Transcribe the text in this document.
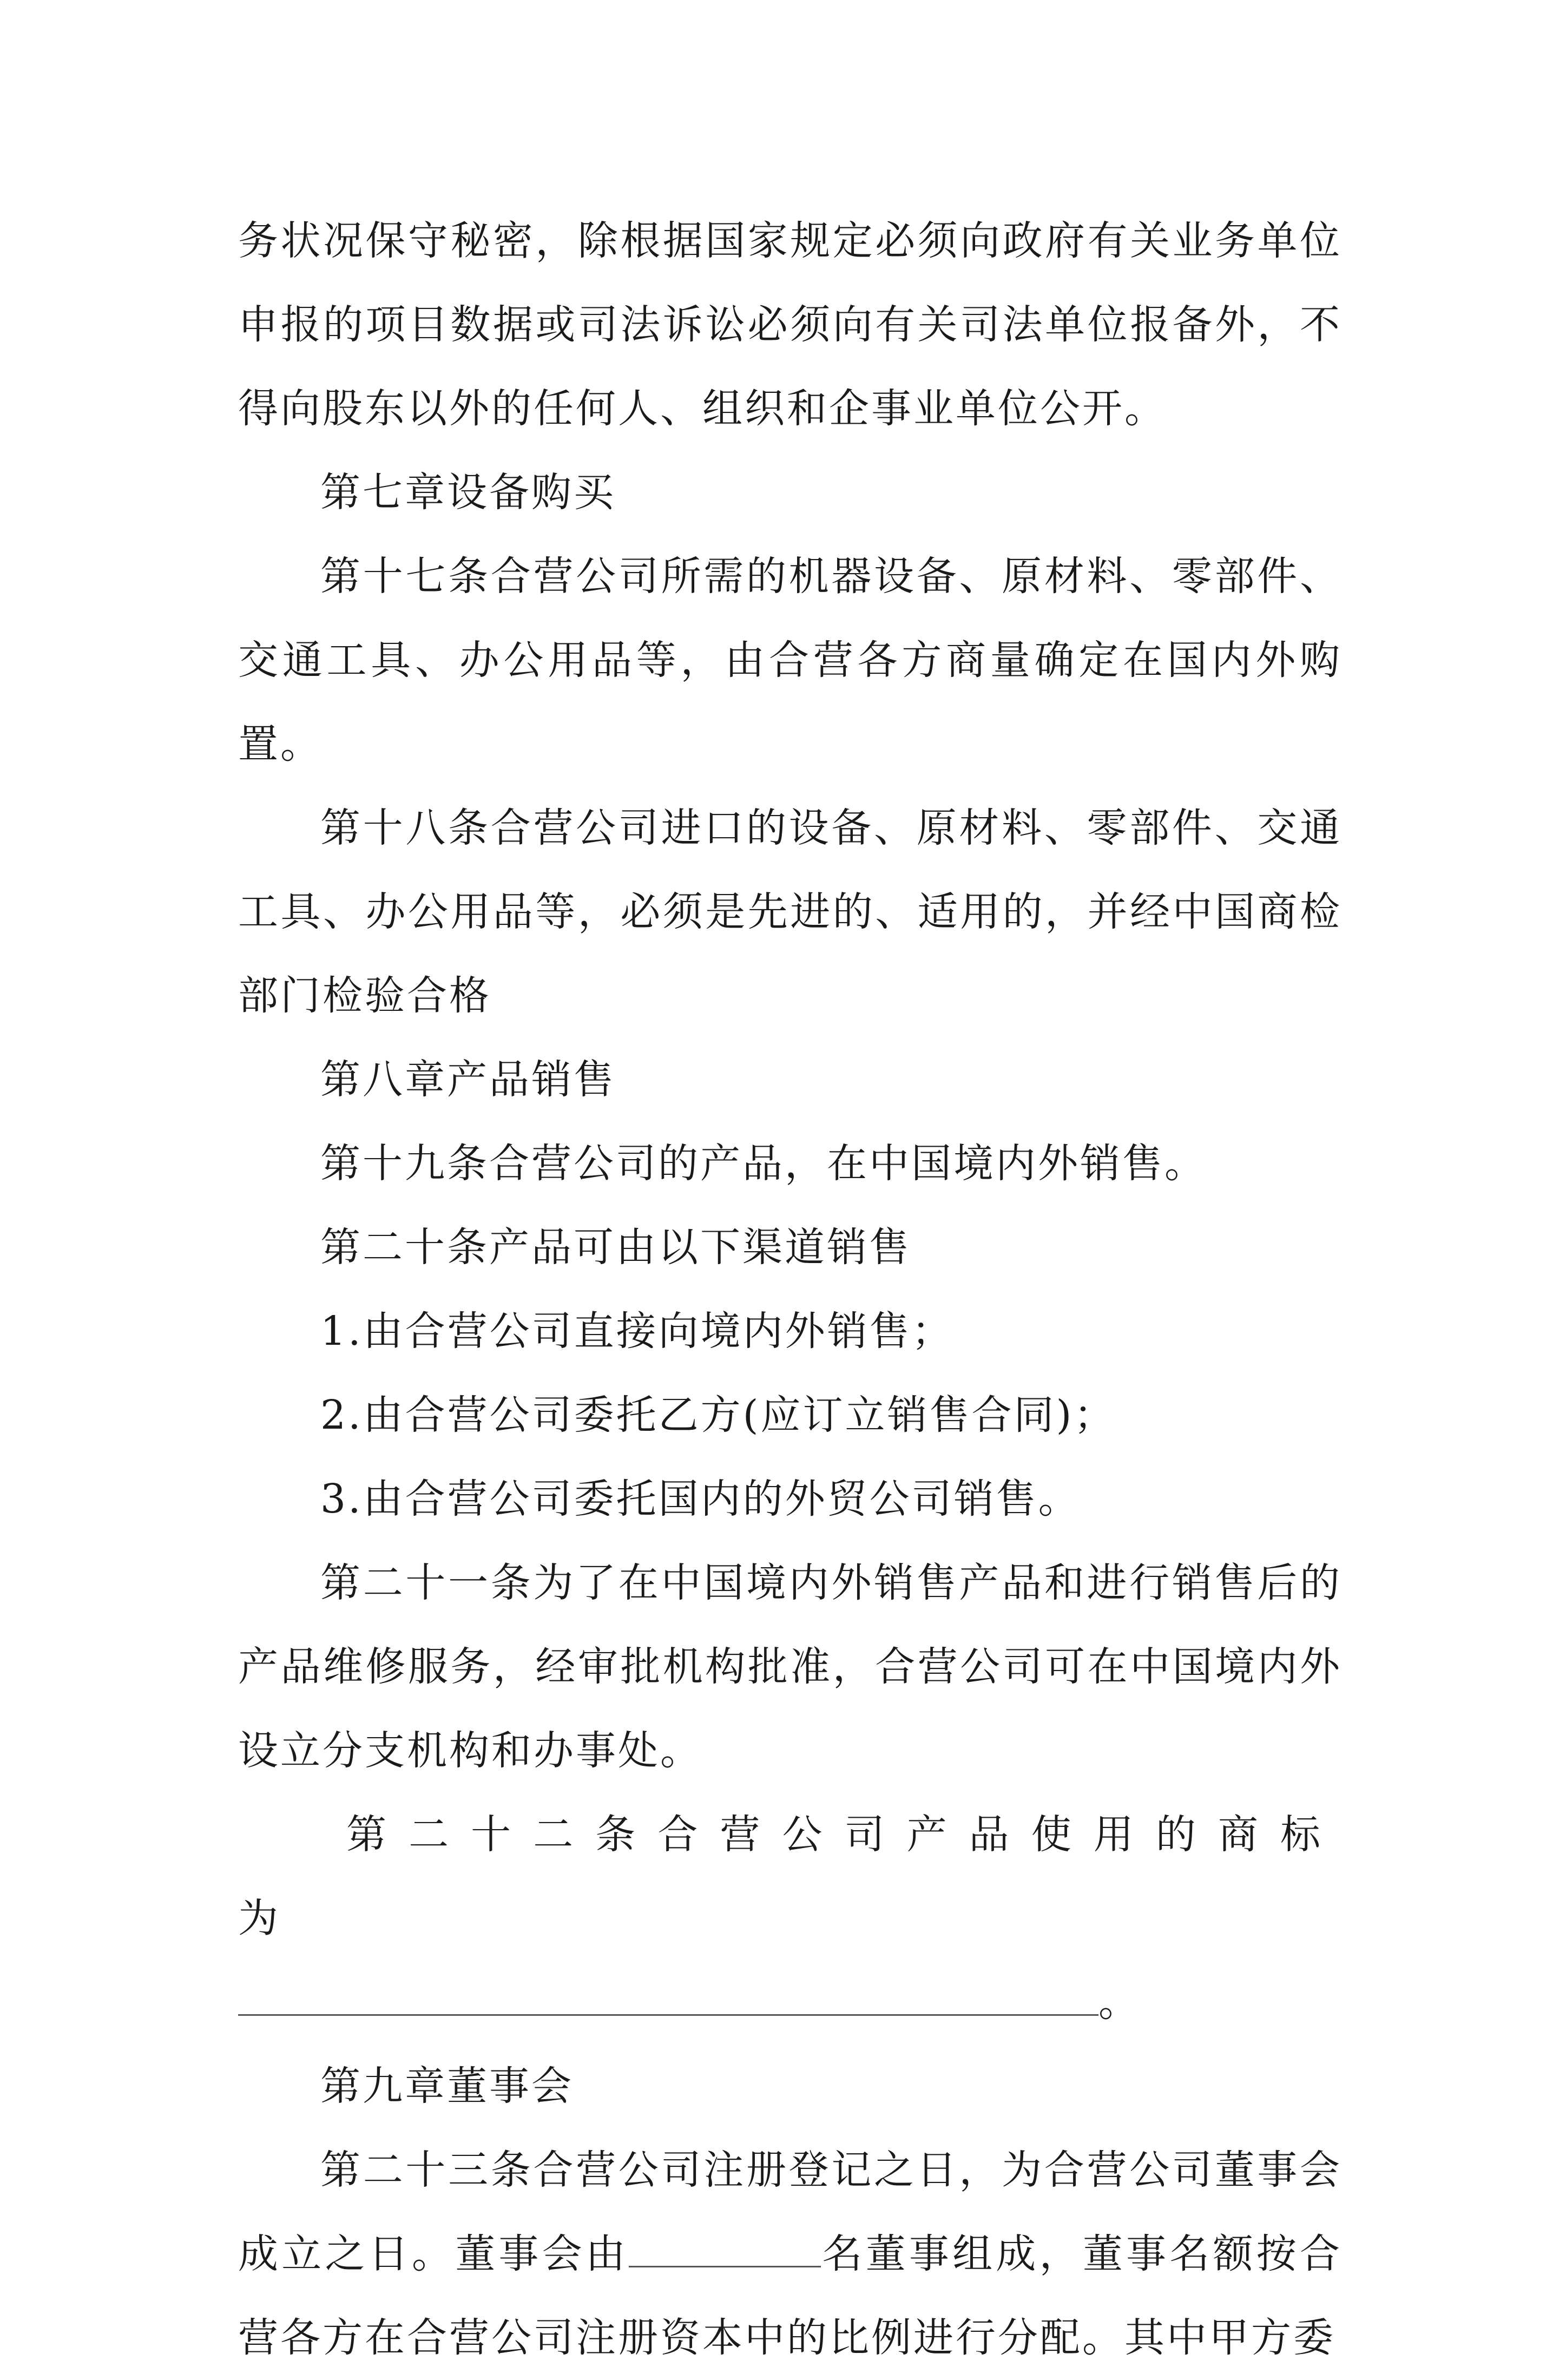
务状况保守秘密，除根据国家规定必须向政府有关业务单位申报的项目数据或司法诉讼必须向有关司法单位报备外，不得向股东以外的任何人、组织和企事业单位公开。

第七章设备购买

第十七条合营公司所需的机器设备、原材料、零部件、交通工具、办公用品等，由合营各方商量确定在国内外购置。

第十八条合营公司进口的设备、原材料、零部件、交通工具、办公用品等，必须是先进的、适用的，并经中国商检部门检验合格

第八章产品销售

第十九条合营公司的产品，在中国境内外销售。

第二十条产品可由以下渠道销售

1.由合营公司直接向境内外销售；

2.由合营公司委托乙方(应订立销售合同)；

3.由合营公司委托国内的外贸公司销售。

第二十一条为了在中国境内外销售产品和进行销售后的产品维修服务，经审批机构批准，合营公司可在中国境内外设立分支机构和办事处。

第二十二条合营公司产品使用的商标为

。

第九章董事会

第二十三条合营公司注册登记之日，为合营公司董事会成立之日。董事会由	名董事组成，董事名额按合营各方在合营公司注册资本中的比例进行分配。其中甲方委
